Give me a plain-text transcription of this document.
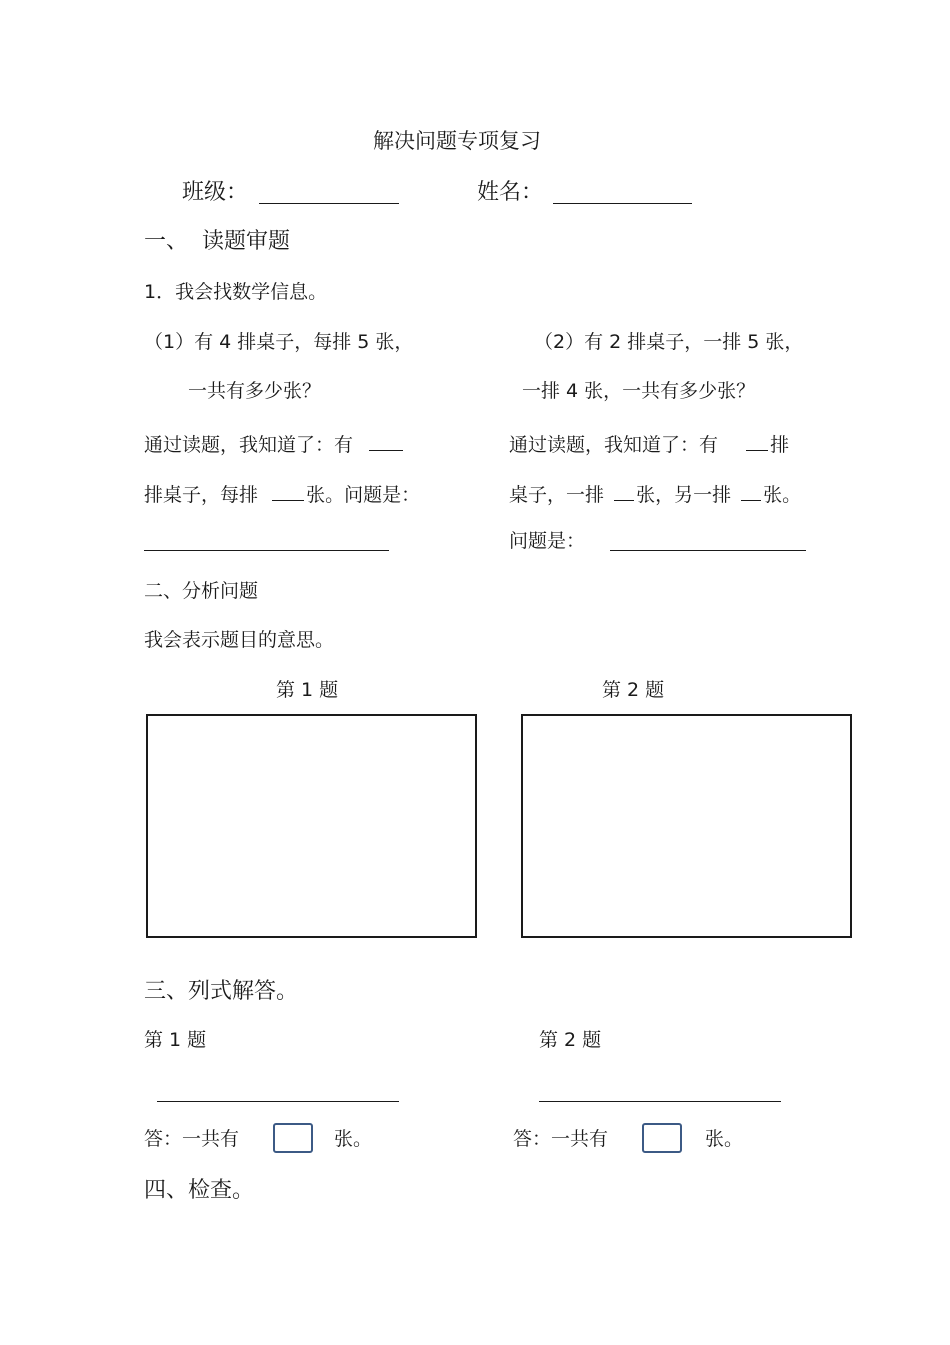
解决问题专项复习
班级：	姓名：
一、 读题审题
1．我会找数学信息。
（1）有 4 排桌子，每排 5 张，
一共有多少张？
通过读题，我知道了：有
排桌子，每排	张。问题是：
（2）有 2 排桌子，一排 5 张，
一排 4 张，一共有多少张？
通过读题，我知道了：有	排
桌子，一排 张，另一排 张。
问题是：
二、分析问题
我会表示题目的意思。
第 1 题	第 2 题
三、列式解答。
第 1 题	第 2 题
答：一共有	张。	答：一共有	张。
四、检查。
